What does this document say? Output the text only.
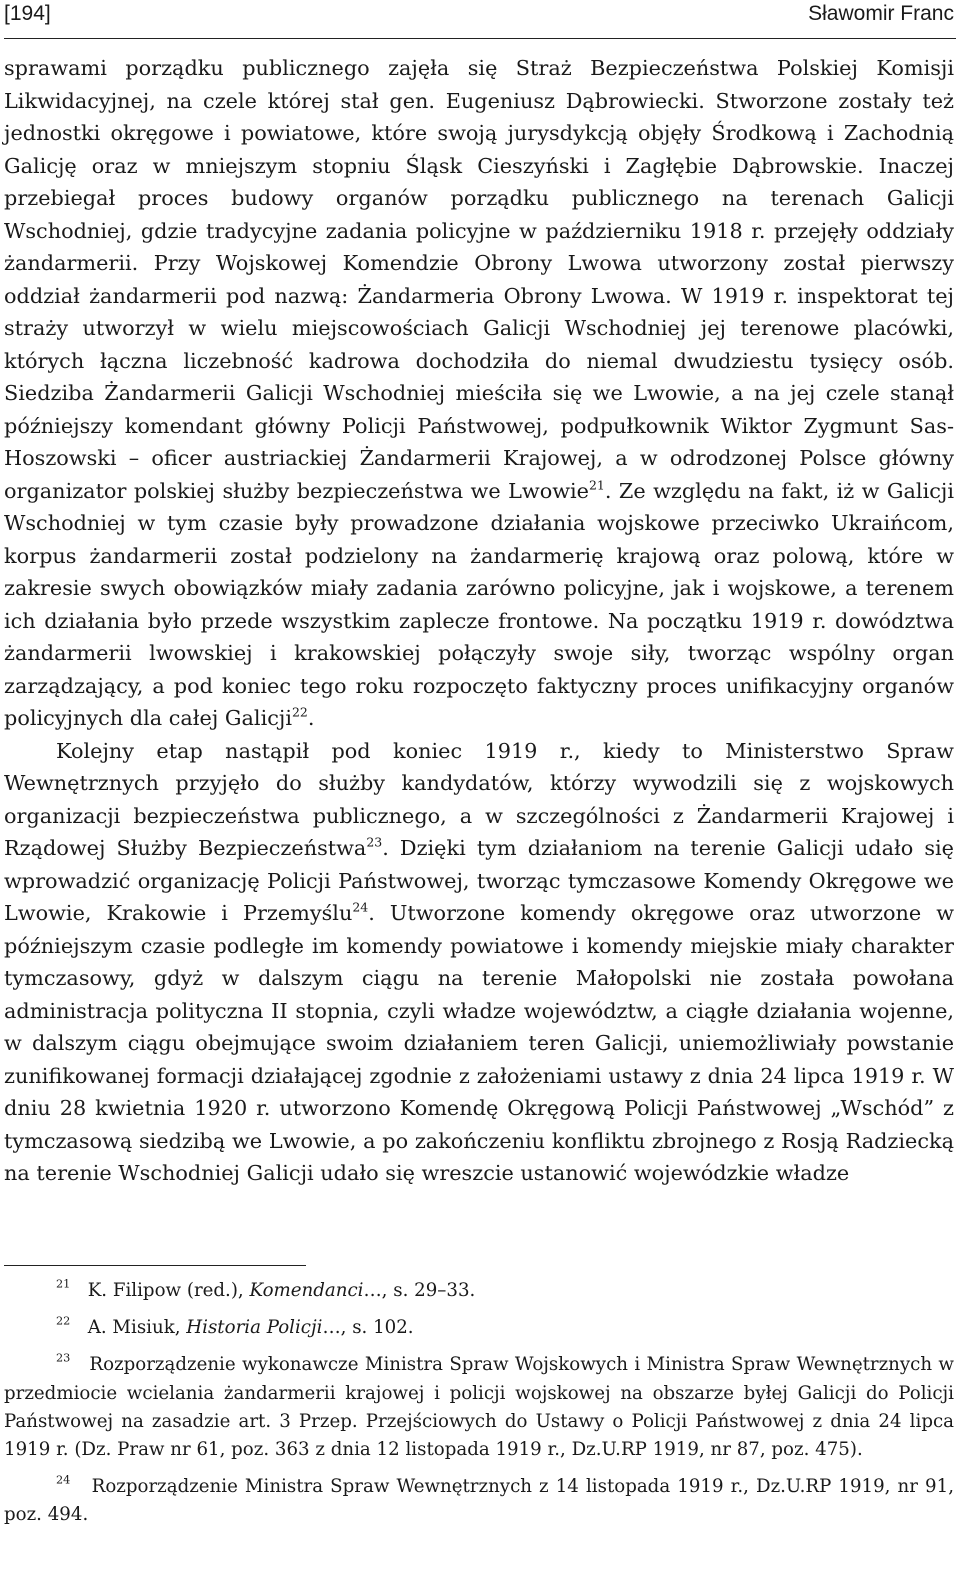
[194]	Sławomir Franc

sprawami porządku publicznego zajęła się Straż Bezpieczeństwa Polskiej Komisji Likwidacyjnej, na czele której stał gen. Eugeniusz Dąbrowiecki. Stworzone zostały też jednostki okręgowe i powiatowe, które swoją jurysdykcją objęły Środkową i Zachodnią Galicję oraz w mniejszym stopniu Śląsk Cieszyński i Zagłębie Dąbrowskie. Inaczej przebiegał proces budowy organów porządku publicznego na terenach Galicji Wschodniej, gdzie tradycyjne zadania policyjne w październiku 1918 r. przejęły oddziały żandarmerii. Przy Wojskowej Komendzie Obrony Lwowa utworzony został pierwszy oddział żandarmerii pod nazwą: Żandarmeria Obrony Lwowa. W 1919 r. inspektorat tej straży utworzył w wielu miejscowościach Galicji Wschodniej jej terenowe placówki, których łączna liczebność kadrowa dochodziła do niemal dwudziestu tysięcy osób. Siedziba Żandarmerii Galicji Wschodniej mieściła się we Lwowie, a na jej czele stanął późniejszy komendant główny Policji Państwowej, podpułkownik Wiktor Zygmunt Sas-Hoszowski – oficer austriackiej Żandarmerii Krajowej, a w odrodzonej Polsce główny organizator polskiej służby bezpieczeństwa we Lwowie$^{21}$. Ze względu na fakt, iż w Galicji Wschodniej w tym czasie były prowadzone działania wojskowe przeciwko Ukraińcom, korpus żandarmerii został podzielony na żandarmerię krajową oraz polową, które w zakresie swych obowiązków miały zadania zarówno policyjne, jak i wojskowe, a terenem ich działania było przede wszystkim zaplecze frontowe. Na początku 1919 r. dowództwa żandarmerii lwowskiej i krakowskiej połączyły swoje siły, tworząc wspólny organ zarządzający, a pod koniec tego roku rozpoczęto faktyczny proces unifikacyjny organów policyjnych dla całej Galicji$^{22}$.

Kolejny etap nastąpił pod koniec 1919 r., kiedy to Ministerstwo Spraw Wewnętrznych przyjęło do służby kandydatów, którzy wywodzili się z wojskowych organizacji bezpieczeństwa publicznego, a w szczególności z Żandarmerii Krajowej i Rządowej Służby Bezpieczeństwa$^{23}$. Dzięki tym działaniom na terenie Galicji udało się wprowadzić organizację Policji Państwowej, tworząc tymczasowe Komendy Okręgowe we Lwowie, Krakowie i Przemyślu$^{24}$. Utworzone komendy okręgowe oraz utworzone w późniejszym czasie podległe im komendy powiatowe i komendy miejskie miały charakter tymczasowy, gdyż w dalszym ciągu na terenie Małopolski nie została powołana administracja polityczna II stopnia, czyli władze województw, a ciągłe działania wojenne, w dalszym ciągu obejmujące swoim działaniem teren Galicji, uniemożliwiały powstanie zunifikowanej formacji działającej zgodnie z założeniami ustawy z dnia 24 lipca 1919 r. W dniu 28 kwietnia 1920 r. utworzono Komendę Okręgową Policji Państwowej „Wschód” z tymczasową siedzibą we Lwowie, a po zakończeniu konfliktu zbrojnego z Rosją Radziecką na terenie Wschodniej Galicji udało się wreszcie ustanowić wojewódzkie władze

$^{21}$ K. Filipow (red.), Komendanci…, s. 29–33.

$^{22}$ A. Misiuk, Historia Policji…, s. 102.

$^{23}$ Rozporządzenie wykonawcze Ministra Spraw Wojskowych i Ministra Spraw Wewnętrznych w przedmiocie wcielania żandarmerii krajowej i policji wojskowej na obszarze byłej Galicji do Policji Państwowej na zasadzie art. 3 Przep. Przejściowych do Ustawy o Policji Państwowej z dnia 24 lipca 1919 r. (Dz. Praw nr 61, poz. 363 z dnia 12 listopada 1919 r., Dz.U.RP 1919, nr 87, poz. 475).

$^{24}$ Rozporządzenie Ministra Spraw Wewnętrznych z 14 listopada 1919 r., Dz.U.RP 1919, nr 91, poz. 494.
